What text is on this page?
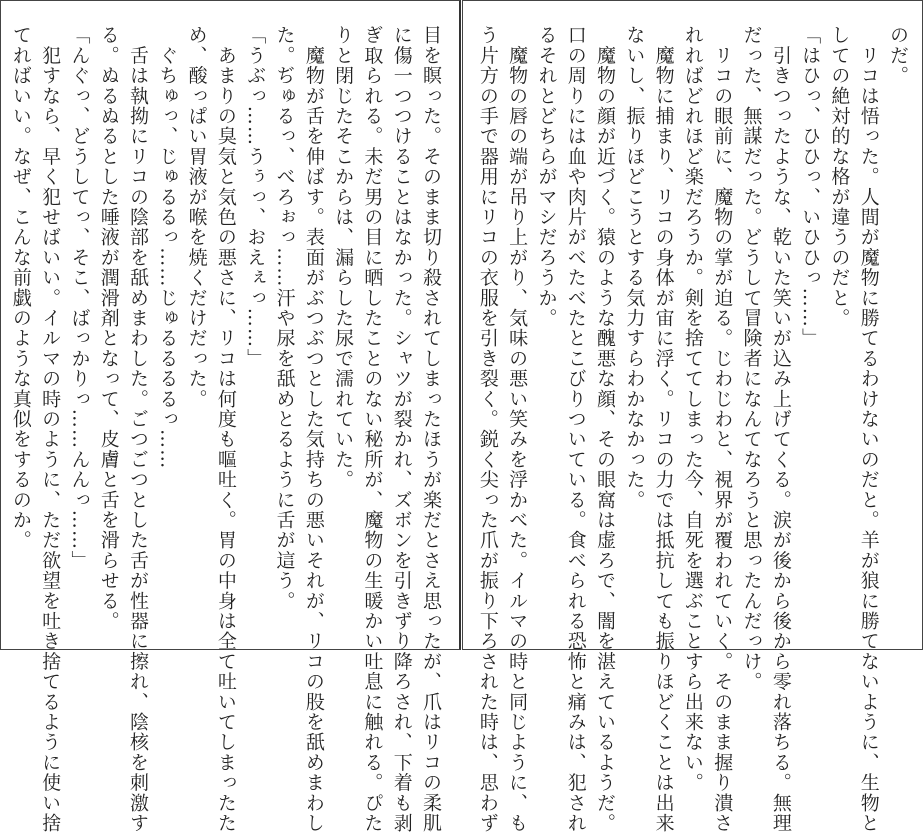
目を瞑った。そのまま切り殺されてしまったほうが楽だとさえ思ったが、爪はリコの柔肌
に傷一つつけることはなかった。シャツが裂かれ、ズボンを引きずり降ろされ、下着も剥
ぎ取られる。未だ男の目に晒したことのない秘所が、魔物の生暖かい吐息に触れる。ぴた
りと閉じたそこからは、漏らした尿で濡れていた。
　魔物が舌を伸ばす。表面がぶつぶつとした気持ちの悪いそれが、リコの股を舐めまわし
た。ぢゅるっ、べろぉっ……汗や尿を舐めとるように舌が這う。
「うぶっ……うぅっ、おえぇっ……」
　あまりの臭気と気色の悪さに、リコは何度も嘔吐く。胃の中身は全て吐いてしまったた
め、酸っぱい胃液が喉を焼くだけだった。
　ぐちゅっ、じゅるるっ……じゅるるるるっ……
　舌は執拗にリコの陰部を舐めまわした。ごつごつとした舌が性器に擦れ、陰核を刺激す
る。ぬるぬるとした唾液が潤滑剤となって、皮膚と舌を滑らせる。
「んぐっ、どうしてっ、そこ、ばっかりっ……んんっ……」
　犯すなら、早く犯せばいい。イルマの時のように、ただ欲望を吐き捨てるように使い捨
てればいい。なぜ、こんな前戯のような真似をするのか。	のだ。
　リコは悟った。人間が魔物に勝てるわけないのだと。羊が狼に勝てないように、生物と
しての絶対的な格が違うのだと。
「はひっ、ひひっ、いひひっ……」
　引きつったような、乾いた笑いが込み上げてくる。涙が後から後から零れ落ちる。無理
だった、無謀だった。どうして冒険者になんてなろうと思ったんだっけ。
　リコの眼前に、魔物の掌が迫る。じわじわと、視界が覆われていく。そのまま握り潰さ
れればどれほど楽だろうか。剣を捨ててしまった今、自死を選ぶことすら出来ない。
　魔物に捕まり、リコの身体が宙に浮く。リコの力では抵抗しても振りほどくことは出来
ないし、振りほどこうとする気力すらわかなかった。
　魔物の顔が近づく。猿のような醜悪な顔、その眼窩は虚ろで、闇を湛えているようだ。
口の周りには血や肉片がべたべたとこびりついている。食べられる恐怖と痛みは、犯され
るそれとどちらがマシだろうか。
　魔物の唇の端が吊り上がり、気味の悪い笑みを浮かべた。イルマの時と同じように、も
う片方の手で器用にリコの衣服を引き裂く。鋭く尖った爪が振り下ろされた時は、思わず
